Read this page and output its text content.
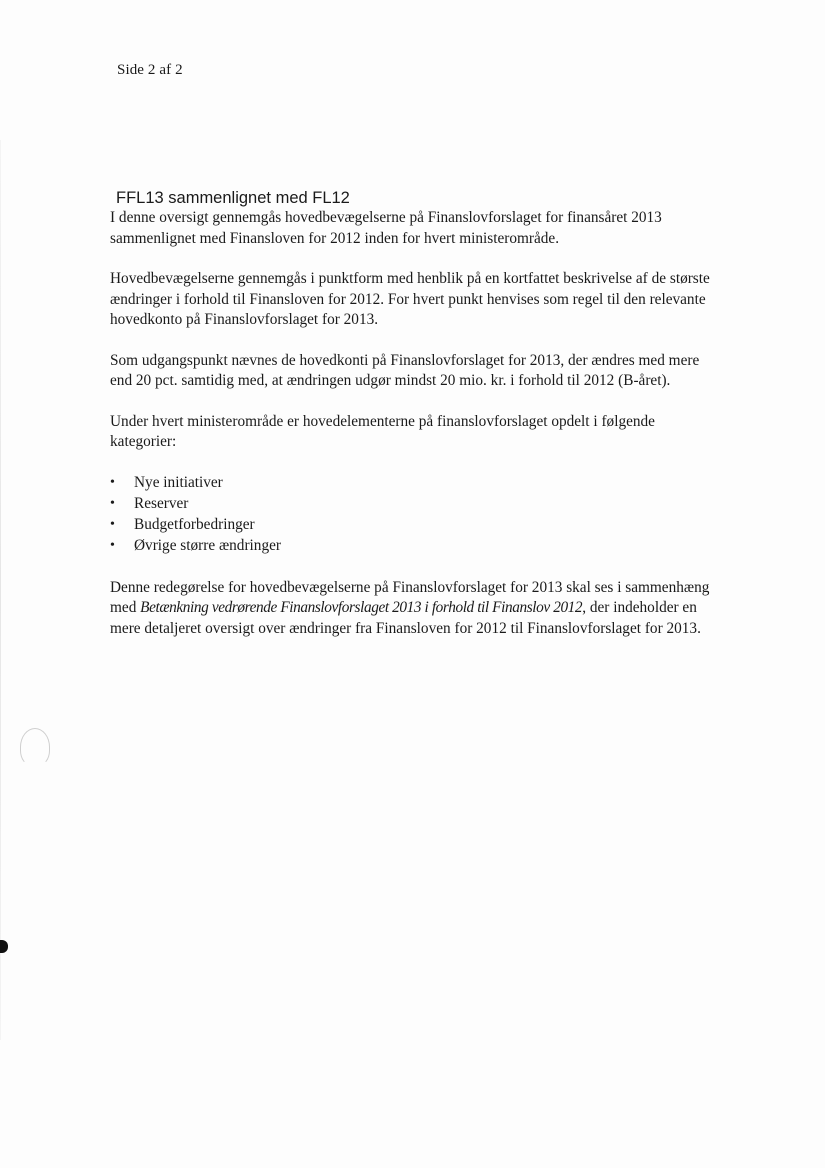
Side 2 af 2
FFL13 sammenlignet med FL12

I denne oversigt gennemgås hovedbevægelserne på Finanslovforslaget for finansåret 2013 sammenlignet med Finansloven for 2012 inden for hvert ministerområde.

Hovedbevægelserne gennemgås i punktform med henblik på en kortfattet beskrivelse af de største ændringer i forhold til Finansloven for 2012. For hvert punkt henvises som regel til den relevante hovedkonto på Finanslovforslaget for 2013.

Som udgangspunkt nævnes de hovedkonti på Finanslovforslaget for 2013, der ændres med mere end 20 pct. samtidig med, at ændringen udgør mindst 20 mio. kr. i forhold til 2012 (B-året).

Under hvert ministerområde er hovedelementerne på finanslovforslaget opdelt i følgende kategorier:

• Nye initiativer
• Reserver
• Budgetforbedringer
• Øvrige større ændringer

Denne redegørelse for hovedbevægelserne på Finanslovforslaget for 2013 skal ses i sammenhæng med Betænkning vedrørende Finanslovforslaget 2013 i forhold til Finanslov 2012, der indeholder en mere detaljeret oversigt over ændringer fra Finansloven for 2012 til Finanslovforslaget for 2013.
